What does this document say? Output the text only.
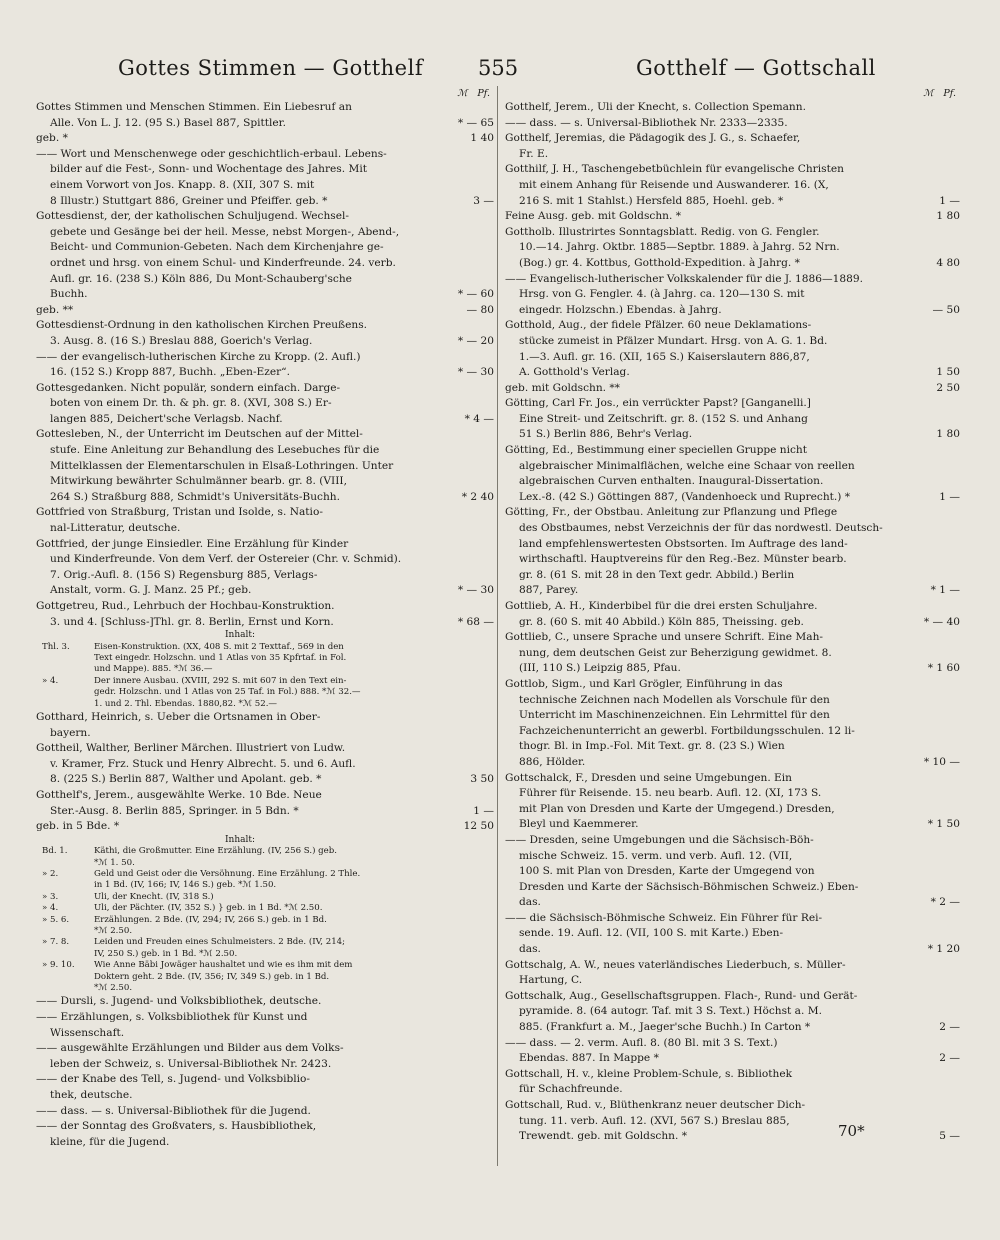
Gottes Stimmen — Gotthelf	555	Gotthelf — Gottschall
ℳ Pf.
Gottes Stimmen und Menschen Stimmen. Ein Liebesruf an
Alle. Von L. J. 12. (95 S.) Basel 887, Spittler.	* — 65
geb. *	1 40
—— Wort und Menschenwege oder geschichtlich-erbaul. Lebens-
bilder auf die Fest-, Sonn- und Wochentage des Jahres. Mit
einem Vorwort von Jos. Knapp. 8. (XII, 307 S. mit
8 Illustr.) Stuttgart 886, Greiner und Pfeiffer. geb. *	3 —
Gottesdienst, der, der katholischen Schuljugend. Wechsel-
gebete und Gesänge bei der heil. Messe, nebst Morgen-, Abend-,
Beicht- und Communion-Gebeten. Nach dem Kirchenjahre ge-
ordnet und hrsg. von einem Schul- und Kinderfreunde. 24. verb.
Aufl. gr. 16. (238 S.) Köln 886, Du Mont-Schauberg'sche
Buchh.	* — 60
geb. **	— 80
Gottesdienst-Ordnung in den katholischen Kirchen Preußens.
3. Ausg. 8. (16 S.) Breslau 888, Goerich's Verlag.	* — 20
—— der evangelisch-lutherischen Kirche zu Kropp. (2. Aufl.)
16. (152 S.) Kropp 887, Buchh. „Eben-Ezer“.	* — 30
Gottesgedanken. Nicht populär, sondern einfach. Darge-
boten von einem Dr. th. & ph. gr. 8. (XVI, 308 S.) Er-
langen 885, Deichert'sche Verlagsb. Nachf.	* 4 —
Gottesleben, N., der Unterricht im Deutschen auf der Mittel-
stufe. Eine Anleitung zur Behandlung des Lesebuches für die
Mittelklassen der Elementarschulen in Elsaß-Lothringen. Unter
Mitwirkung bewährter Schulmänner bearb. gr. 8. (VIII,
264 S.) Straßburg 888, Schmidt's Universitäts-Buchh.	* 2 40
Gottfried von Straßburg, Tristan und Isolde, s. Natio-
nal-Litteratur, deutsche.
Gottfried, der junge Einsiedler. Eine Erzählung für Kinder
und Kinderfreunde. Von dem Verf. der Ostereier (Chr. v. Schmid).
7. Orig.-Aufl. 8. (156 S) Regensburg 885, Verlags-
Anstalt, vorm. G. J. Manz. 25 Pf.; geb.	* — 30
Gottgetreu, Rud., Lehrbuch der Hochbau-Konstruktion.
3. und 4. [Schluss-]Thl. gr. 8. Berlin, Ernst und Korn.	* 68 —
Inhalt:
Thl. 3.	Eisen-Konstruktion. (XX, 408 S. mit 2 Texttaf., 569 in den
Text eingedr. Holzschn. und 1 Atlas von 35 Kpfrtaf. in Fol.
und Mappe). 885. *ℳ 36.—
» 4.	Der innere Ausbau. (XVIII, 292 S. mit 607 in den Text ein-
gedr. Holzschn. und 1 Atlas von 25 Taf. in Fol.) 888. *ℳ 32.—
1. und 2. Thl. Ebendas. 1880,82. *ℳ 52.—
Gotthard, Heinrich, s. Ueber die Ortsnamen in Ober-
bayern.
Gottheil, Walther, Berliner Märchen. Illustriert von Ludw.
v. Kramer, Frz. Stuck und Henry Albrecht. 5. und 6. Aufl.
8. (225 S.) Berlin 887, Walther und Apolant. geb. *	3 50
Gotthelf's, Jerem., ausgewählte Werke. 10 Bde. Neue
Ster.-Ausg. 8. Berlin 885, Springer. in 5 Bdn. *	1 —
geb. in 5 Bde. *	12 50
Inhalt:
Bd. 1.	Käthi, die Großmutter. Eine Erzählung. (IV, 256 S.) geb.
*ℳ 1. 50.
» 2.	Geld und Geist oder die Versöhnung. Eine Erzählung. 2 Thle.
in 1 Bd. (IV, 166; IV, 146 S.) geb. *ℳ 1.50.
» 3.	Uli, der Knecht. (IV, 318 S.)
» 4.	Uli, der Pächter. (IV, 352 S.) } geb. in 1 Bd. *ℳ 2.50.
» 5. 6.	Erzählungen. 2 Bde. (IV, 294; IV, 266 S.) geb. in 1 Bd.
*ℳ 2.50.
» 7. 8.	Leiden und Freuden eines Schulmeisters. 2 Bde. (IV, 214;
IV, 250 S.) geb. in 1 Bd. *ℳ 2.50.
» 9. 10.	Wie Anne Bäbi Jowäger haushaltet und wie es ihm mit dem
Doktern geht. 2 Bde. (IV, 356; IV, 349 S.) geb. in 1 Bd.
*ℳ 2.50.
—— Dursli, s. Jugend- und Volksbibliothek, deutsche.
—— Erzählungen, s. Volksbibliothek für Kunst und
Wissenschaft.
—— ausgewählte Erzählungen und Bilder aus dem Volks-
leben der Schweiz, s. Universal-Bibliothek Nr. 2423.
—— der Knabe des Tell, s. Jugend- und Volksbiblio-
thek, deutsche.
—— dass. — s. Universal-Bibliothek für die Jugend.
—— der Sonntag des Großvaters, s. Hausbibliothek,
kleine, für die Jugend.
ℳ Pf.
Gotthelf, Jerem., Uli der Knecht, s. Collection Spemann.
—— dass. — s. Universal-Bibliothek Nr. 2333—2335.
Gotthelf, Jeremias, die Pädagogik des J. G., s. Schaefer,
Fr. E.
Gotthilf, J. H., Taschengebetbüchlein für evangelische Christen
mit einem Anhang für Reisende und Auswanderer. 16. (X,
216 S. mit 1 Stahlst.) Hersfeld 885, Hoehl. geb. *	1 —
Feine Ausg. geb. mit Goldschn. *	1 80
Gottholb. Illustrirtes Sonntagsblatt. Redig. von G. Fengler.
10.—14. Jahrg. Oktbr. 1885—Septbr. 1889. à Jahrg. 52 Nrn.
(Bog.) gr. 4. Kottbus, Gotthold-Expedition. à Jahrg. *	4 80
—— Evangelisch-lutherischer Volkskalender für die J. 1886—1889.
Hrsg. von G. Fengler. 4. (à Jahrg. ca. 120—130 S. mit
eingedr. Holzschn.) Ebendas. à Jahrg.	— 50
Gotthold, Aug., der fidele Pfälzer. 60 neue Deklamations-
stücke zumeist in Pfälzer Mundart. Hrsg. von A. G. 1. Bd.
1.—3. Aufl. gr. 16. (XII, 165 S.) Kaiserslautern 886,87,
A. Gotthold's Verlag.	1 50
geb. mit Goldschn. **	2 50
Götting, Carl Fr. Jos., ein verrückter Papst? [Ganganelli.]
Eine Streit- und Zeitschrift. gr. 8. (152 S. und Anhang
51 S.) Berlin 886, Behr's Verlag.	1 80
Götting, Ed., Bestimmung einer speciellen Gruppe nicht
algebraischer Minimalflächen, welche eine Schaar von reellen
algebraischen Curven enthalten. Inaugural-Dissertation.
Lex.-8. (42 S.) Göttingen 887, (Vandenhoeck und Ruprecht.) *	1 —
Götting, Fr., der Obstbau. Anleitung zur Pflanzung und Pflege
des Obstbaumes, nebst Verzeichnis der für das nordwestl. Deutsch-
land empfehlenswertesten Obstsorten. Im Auftrage des land-
wirthschaftl. Hauptvereins für den Reg.-Bez. Münster bearb.
gr. 8. (61 S. mit 28 in den Text gedr. Abbild.) Berlin
887, Parey.	* 1 —
Gottlieb, A. H., Kinderbibel für die drei ersten Schuljahre.
gr. 8. (60 S. mit 40 Abbild.) Köln 885, Theissing. geb.	* — 40
Gottlieb, C., unsere Sprache und unsere Schrift. Eine Mah-
nung, dem deutschen Geist zur Beherzigung gewidmet. 8.
(III, 110 S.) Leipzig 885, Pfau.	* 1 60
Gottlob, Sigm., und Karl Grögler, Einführung in das
technische Zeichnen nach Modellen als Vorschule für den
Unterricht im Maschinenzeichnen. Ein Lehrmittel für den
Fachzeichenunterricht an gewerbl. Fortbildungsschulen. 12 li-
thogr. Bl. in Imp.-Fol. Mit Text. gr. 8. (23 S.) Wien
886, Hölder.	* 10 —
Gottschalck, F., Dresden und seine Umgebungen. Ein
Führer für Reisende. 15. neu bearb. Aufl. 12. (XI, 173 S.
mit Plan von Dresden und Karte der Umgegend.) Dresden,
Bleyl und Kaemmerer.	* 1 50
—— Dresden, seine Umgebungen und die Sächsisch-Böh-
mische Schweiz. 15. verm. und verb. Aufl. 12. (VII,
100 S. mit Plan von Dresden, Karte der Umgegend von
Dresden und Karte der Sächsisch-Böhmischen Schweiz.) Eben-
das.	* 2 —
—— die Sächsisch-Böhmische Schweiz. Ein Führer für Rei-
sende. 19. Aufl. 12. (VII, 100 S. mit Karte.) Eben-
das.	* 1 20
Gottschalg, A. W., neues vaterländisches Liederbuch, s. Müller-
Hartung, C.
Gottschalk, Aug., Gesellschaftsgruppen. Flach-, Rund- und Gerät-
pyramide. 8. (64 autogr. Taf. mit 3 S. Text.) Höchst a. M.
885. (Frankfurt a. M., Jaeger'sche Buchh.) In Carton *	2 —
—— dass. — 2. verm. Aufl. 8. (80 Bl. mit 3 S. Text.)
Ebendas. 887. In Mappe *	2 —
Gottschall, H. v., kleine Problem-Schule, s. Bibliothek
für Schachfreunde.
Gottschall, Rud. v., Blüthenkranz neuer deutscher Dich-
tung. 11. verb. Aufl. 12. (XVI, 567 S.) Breslau 885,
Trewendt. geb. mit Goldschn. *	5 —
70*
